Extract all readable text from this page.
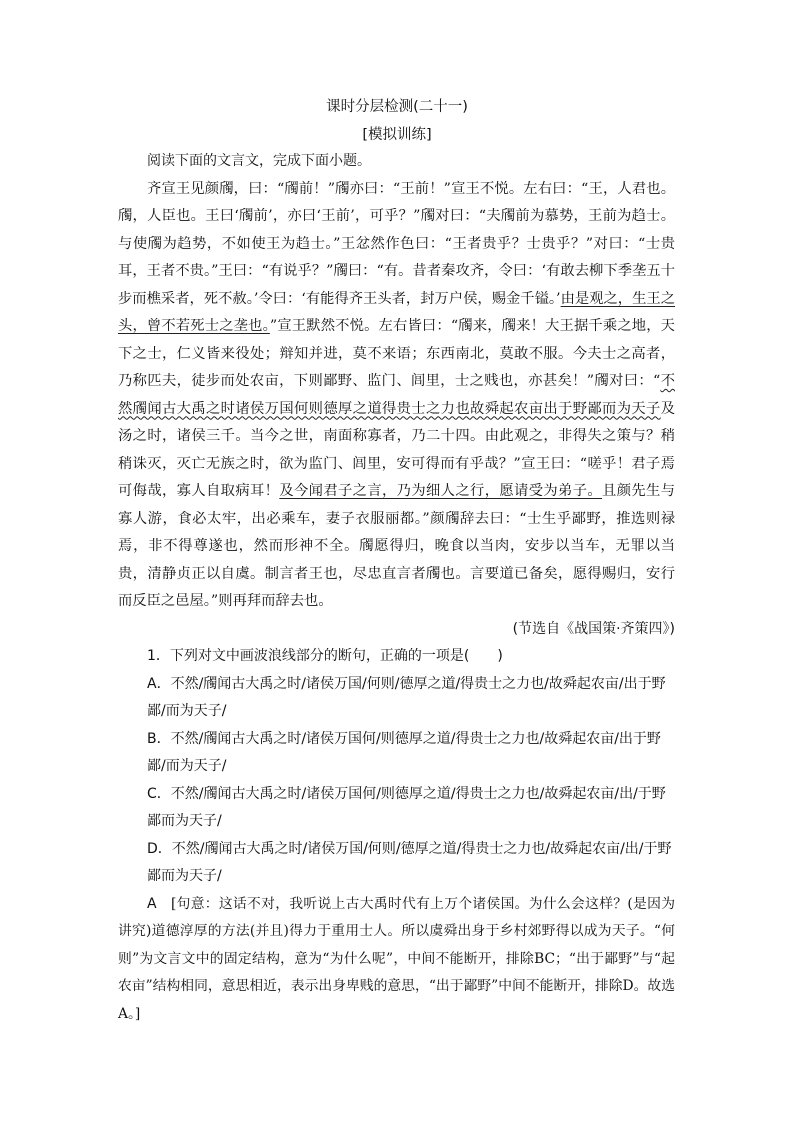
课时分层检测(二十一)
[模拟训练]

阅读下面的文言文，完成下面小题。

齐宣王见颜斶，曰：“斶前！”斶亦曰：“王前！”宣王不悦。左右曰：“王，人君也。斶，人臣也。王曰‘斶前’，亦曰‘王前’，可乎？”斶对曰：“夫斶前为慕势，王前为趋士。与使斶为趋势，不如使王为趋士。”王忿然作色曰：“王者贵乎？士贵乎？”对曰：“士贵耳，王者不贵。”王曰：“有说乎？”斶曰：“有。昔者秦攻齐，令曰：‘有敢去柳下季垄五十步而樵采者，死不赦。’令曰：‘有能得齐王头者，封万户侯，赐金千镒。’由是观之，生王之头，曾不若死士之垄也。”宣王默然不悦。左右皆曰：“斶来，斶来！大王据千乘之地，天下之士，仁义皆来役处；辩知并进，莫不来语；东西南北，莫敢不服。今夫士之高者，乃称匹夫，徒步而处农亩，下则鄙野、监门、闾里，士之贱也，亦甚矣！”斶对曰：“不然斶闻古大禹之时诸侯万国何则德厚之道得贵士之力也故舜起农亩出于野鄙而为天子及汤之时，诸侯三千。当今之世，南面称寡者，乃二十四。由此观之，非得失之策与？稍稍诛灭，灭亡无族之时，欲为监门、闾里，安可得而有乎哉？”宣王曰：“嗟乎！君子焉可侮哉，寡人自取病耳！及今闻君子之言，乃为细人之行，愿请受为弟子。且颜先生与寡人游，食必太牢，出必乘车，妻子衣服丽都。”颜斶辞去曰：“士生乎鄙野，推选则禄焉，非不得尊遂也，然而形神不全。斶愿得归，晚食以当肉，安步以当车，无罪以当贵，清静贞正以自虞。制言者王也，尽忠直言者斶也。言要道已备矣，愿得赐归，安行而反臣之邑屋。”则再拜而辞去也。

(节选自《战国策·齐策四》)

1．下列对文中画波浪线部分的断句，正确的一项是(　　)

A．不然/斶闻古大禹之时/诸侯万国/何则/德厚之道/得贵士之力也/故舜起农亩/出于野鄙/而为天子/

B．不然/斶闻古大禹之时/诸侯万国何/则德厚之道/得贵士之力也/故舜起农亩/出于野鄙/而为天子/

C．不然/斶闻古大禹之时/诸侯万国何/则德厚之道/得贵士之力也/故舜起农亩/出/于野鄙而为天子/

D．不然/斶闻古大禹之时/诸侯万国/何则/德厚之道/得贵士之力也/故舜起农亩/出/于野鄙而为天子/

A　 [句意：这话不对，我听说上古大禹时代有上万个诸侯国。为什么会这样？(是因为讲究)道德淳厚的方法(并且)得力于重用士人。所以虞舜出身于乡村郊野得以成为天子。“何则”为文言文中的固定结构，意为“为什么呢”，中间不能断开，排除BC；“出于鄙野”与“起农亩”结构相同，意思相近，表示出身卑贱的意思，“出于鄙野”中间不能断开，排除D。故选A。]
